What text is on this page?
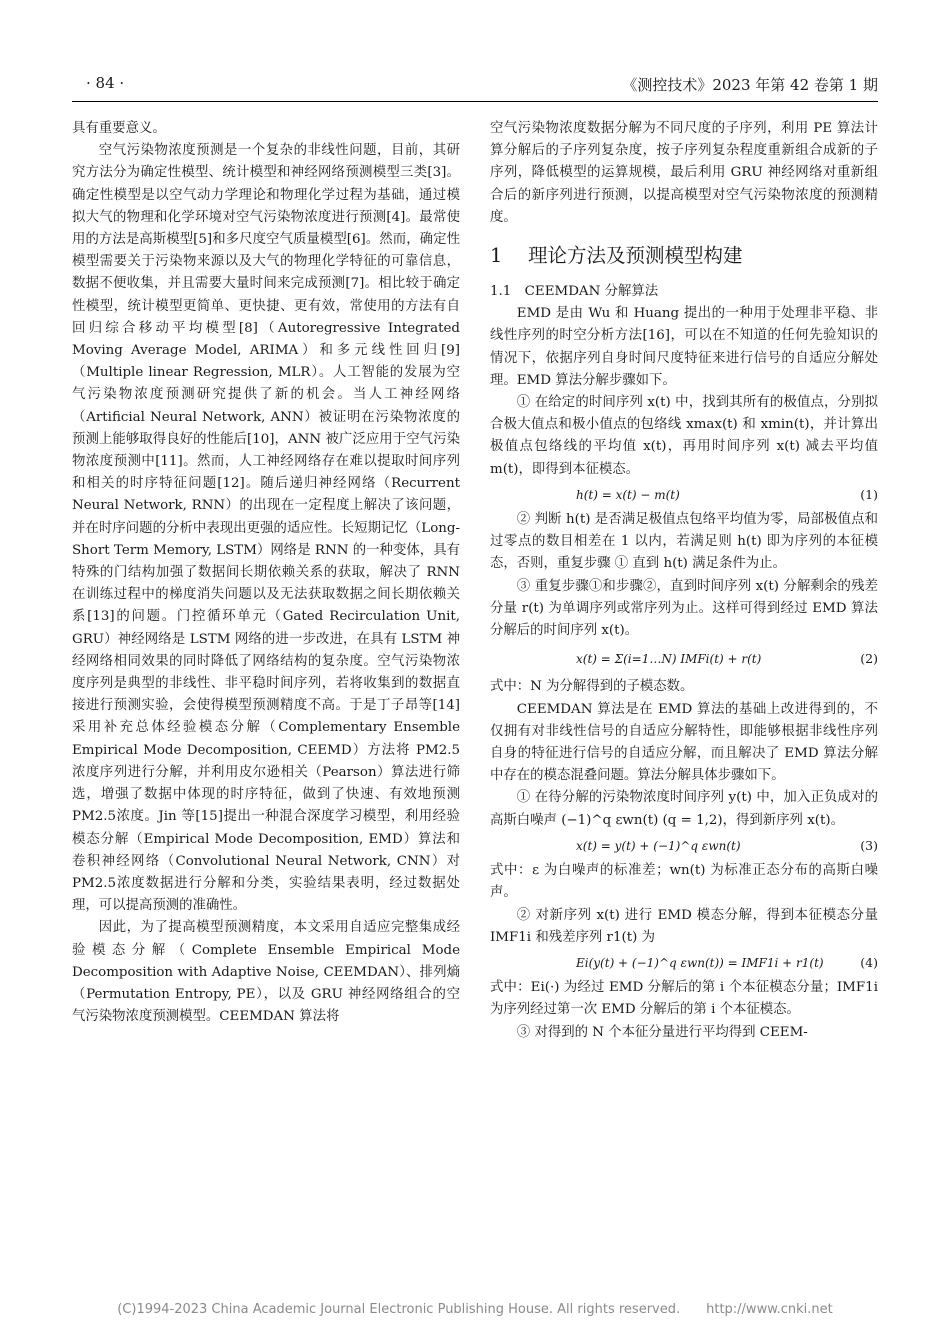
· 84 ·	《测控技术》2023 年第 42 卷第 1 期

具有重要意义。

空气污染物浓度预测是一个复杂的非线性问题，目前，其研究方法分为确定性模型、统计模型和神经网络预测模型三类[3]。确定性模型是以空气动力学理论和物理化学过程为基础，通过模拟大气的物理和化学环境对空气污染物浓度进行预测[4]。最常使用的方法是高斯模型[5]和多尺度空气质量模型[6]。然而，确定性模型需要关于污染物来源以及大气的物理化学特征的可靠信息，数据不便收集，并且需要大量时间来完成预测[7]。相比较于确定性模型，统计模型更简单、更快捷、更有效，常使用的方法有自回归综合移动平均模型[8]（Autoregressive Integrated Moving Average Model, ARIMA）和多元线性回归[9]（Multiple linear Regression, MLR）。人工智能的发展为空气污染物浓度预测研究提供了新的机会。当人工神经网络（Artificial Neural Network, ANN）被证明在污染物浓度的预测上能够取得良好的性能后[10]，ANN 被广泛应用于空气污染物浓度预测中[11]。然而，人工神经网络存在难以提取时间序列和相关的时序特征问题[12]。随后递归神经网络（Recurrent Neural Network, RNN）的出现在一定程度上解决了该问题，并在时序问题的分析中表现出更强的适应性。长短期记忆（Long-Short Term Memory, LSTM）网络是 RNN 的一种变体，具有特殊的门结构加强了数据间长期依赖关系的获取，解决了 RNN 在训练过程中的梯度消失问题以及无法获取数据之间长期依赖关系[13]的问题。门控循环单元（Gated Recirculation Unit, GRU）神经网络是 LSTM 网络的进一步改进，在具有 LSTM 神经网络相同效果的同时降低了网络结构的复杂度。空气污染物浓度序列是典型的非线性、非平稳时间序列，若将收集到的数据直接进行预测实验，会使得模型预测精度不高。于是丁子昂等[14]采用补充总体经验模态分解（Complementary Ensemble Empirical Mode Decomposition, CEEMD）方法将 PM2.5浓度序列进行分解，并利用皮尔逊相关（Pearson）算法进行筛选，增强了数据中体现的时序特征，做到了快速、有效地预测 PM2.5浓度。Jin 等[15]提出一种混合深度学习模型，利用经验模态分解（Empirical Mode Decomposition, EMD）算法和卷积神经网络（Convolutional Neural Network, CNN）对 PM2.5浓度数据进行分解和分类，实验结果表明，经过数据处理，可以提高预测的准确性。

因此，为了提高模型预测精度，本文采用自适应完整集成经验模态分解（Complete Ensemble Empirical Mode Decomposition with Adaptive Noise, CEEMDAN）、排列熵（Permutation Entropy, PE），以及 GRU 神经网络组合的空气污染物浓度预测模型。CEEMDAN 算法将

空气污染物浓度数据分解为不同尺度的子序列，利用 PE 算法计算分解后的子序列复杂度，按子序列复杂程度重新组合成新的子序列，降低模型的运算规模，最后利用 GRU 神经网络对重新组合后的新序列进行预测，以提高模型对空气污染物浓度的预测精度。

1 理论方法及预测模型构建
1.1　CEEMDAN 分解算法

EMD 是由 Wu 和 Huang 提出的一种用于处理非平稳、非线性序列的时空分析方法[16]，可以在不知道的任何先验知识的情况下，依据序列自身时间尺度特征来进行信号的自适应分解处理。EMD 算法分解步骤如下。

① 在给定的时间序列 x(t) 中，找到其所有的极值点，分别拟合极大值点和极小值点的包络线 xmax(t) 和 xmin(t)，并计算出极值点包络线的平均值 x(t)，再用时间序列 x(t) 减去平均值 m(t)，即得到本征模态。

h(t) = x(t) − m(t)	(1)

② 判断 h(t) 是否满足极值点包络平均值为零，局部极值点和过零点的数目相差在 1 以内，若满足则 h(t) 即为序列的本征模态，否则，重复步骤 ① 直到 h(t) 满足条件为止。

③ 重复步骤①和步骤②，直到时间序列 x(t) 分解剩余的残差分量 r(t) 为单调序列或常序列为止。这样可得到经过 EMD 算法分解后的时间序列 x(t)。

x(t) = Σ(i=1…N) IMFi(t) + r(t)	(2)

式中：N 为分解得到的子模态数。

CEEMDAN 算法是在 EMD 算法的基础上改进得到的，不仅拥有对非线性信号的自适应分解特性，即能够根据非线性序列自身的特征进行信号的自适应分解，而且解决了 EMD 算法分解中存在的模态混叠问题。算法分解具体步骤如下。

① 在待分解的污染物浓度时间序列 y(t) 中，加入正负成对的高斯白噪声 (−1)^q εwn(t) (q = 1,2)，得到新序列 x(t)。

x(t) = y(t) + (−1)^q εwn(t)	(3)

式中：ε 为白噪声的标准差；wn(t) 为标准正态分布的高斯白噪声。

② 对新序列 x(t) 进行 EMD 模态分解，得到本征模态分量 IMF1i 和残差序列 r1(t) 为

Ei(y(t) + (−1)^q εwn(t)) = IMF1i + r1(t)	(4)

式中：Ei(·) 为经过 EMD 分解后的第 i 个本征模态分量；IMF1i 为序列经过第一次 EMD 分解后的第 i 个本征模态。

③ 对得到的 N 个本征分量进行平均得到 CEEM-

(C)1994-2023 China Academic Journal Electronic Publishing House. All rights reserved.　　http://www.cnki.net
